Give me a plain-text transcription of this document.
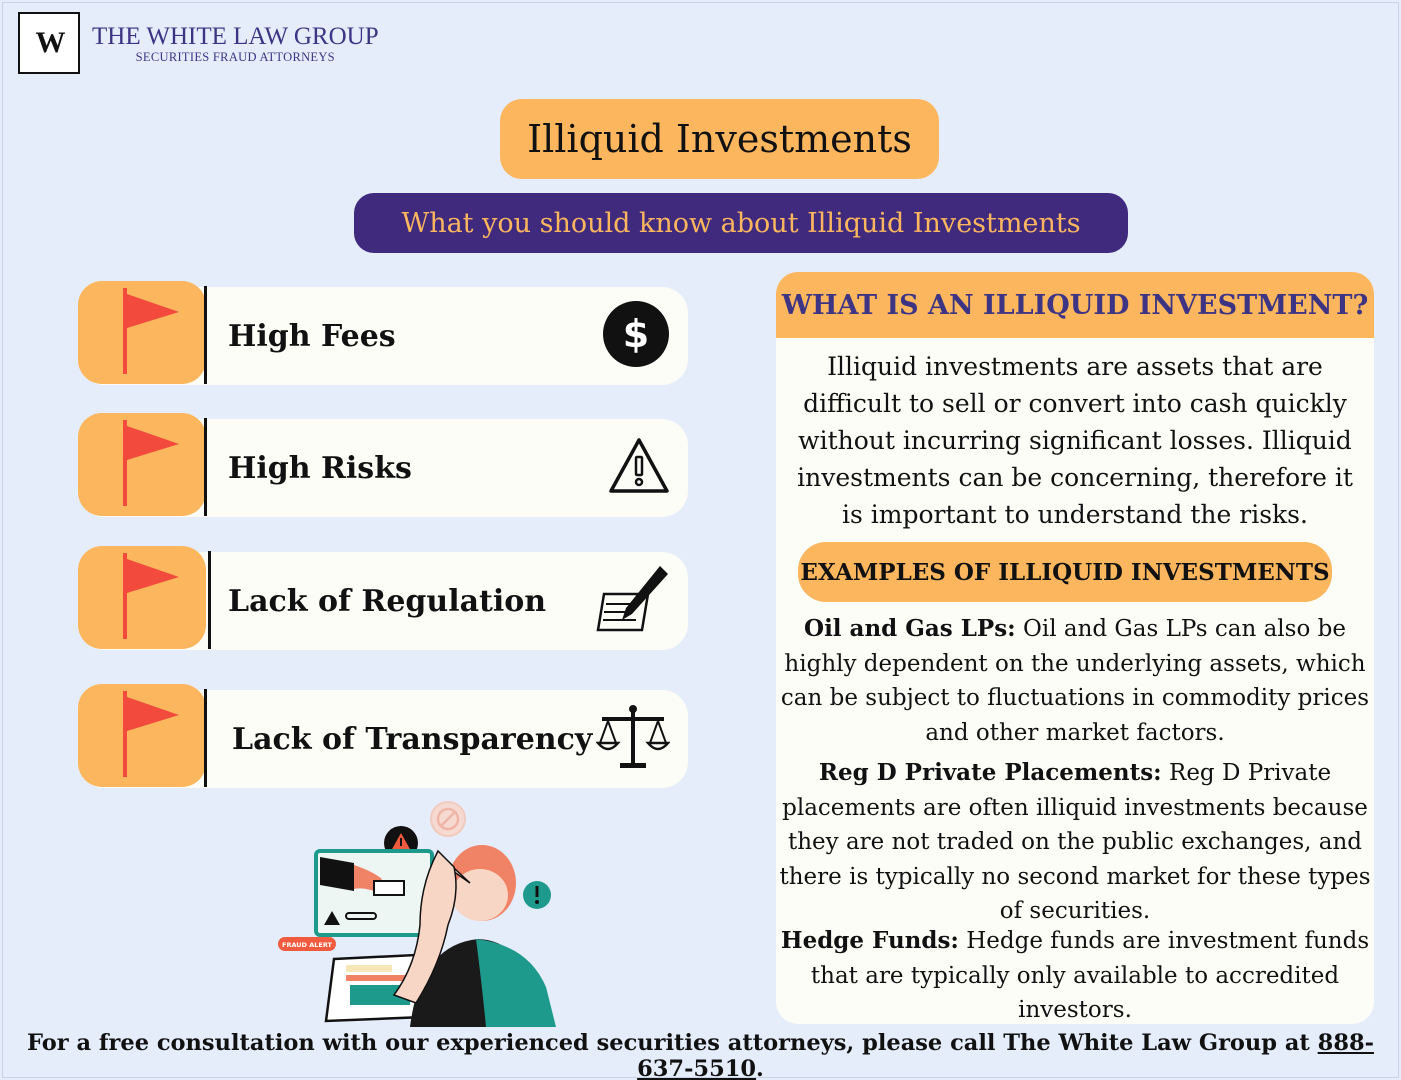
W THE WHITE LAW GROUP
SECURITIES FRAUD ATTORNEYS
Illiquid Investments
What you should know about Illiquid Investments
High Fees	$
High Risks
Lack of Regulation
Lack of Transparency
FRAUD ALERT
WHAT IS AN ILLIQUID INVESTMENT?
Illiquid investments are assets that are difficult to sell or convert into cash quickly without incurring significant losses. Illiquid investments can be concerning, therefore it is important to understand the risks.
EXAMPLES OF ILLIQUID INVESTMENTS
Oil and Gas LPs: Oil and Gas LPs can also be highly dependent on the underlying assets, which can be subject to fluctuations in commodity prices and other market factors.
Reg D Private Placements: Reg D Private placements are often illiquid investments because they are not traded on the public exchanges, and there is typically no second market for these types of securities.
Hedge Funds: Hedge funds are investment funds that are typically only available to accredited investors.
For a free consultation with our experienced securities attorneys, please call The White Law Group at 888-637-5510.
